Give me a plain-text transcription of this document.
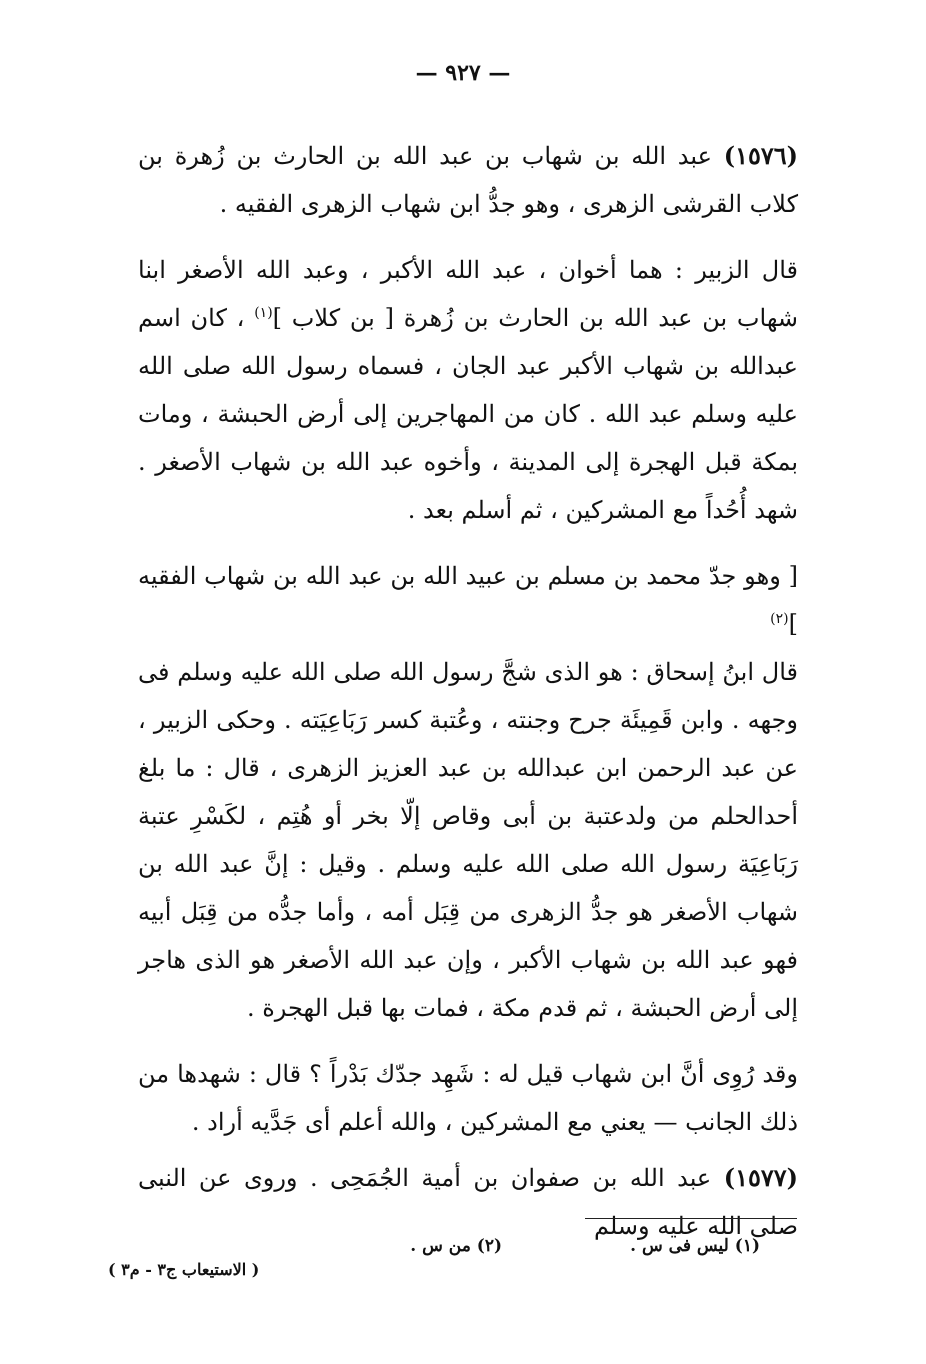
— ٩٢٧ —

(١٥٧٦) عبد الله بن شهاب بن عبد الله بن الحارث بن زُهرة بن كلاب القرشى الزهرى ، وهو جدُّ ابن شهاب الزهرى الفقيه .

قال الزبير : هما أخوان ، عبد الله الأكبر ، وعبد الله الأصغر ابنا شهاب بن عبد الله بن الحارث بن زُهرة [ بن كلاب ]$^{(١)}$ ، كان اسم عبدالله بن شهاب الأكبر عبد الجان ، فسماه رسول الله صلى الله عليه وسلم عبد الله . كان من المهاجرين إلى أرض الحبشة ، ومات بمكة قبل الهجرة إلى المدينة ، وأخوه عبد الله بن شهاب الأصغر . شهد أُحُداً مع المشركين ، ثم أسلم بعد .

[ وهو جدّ محمد بن مسلم بن عبيد الله بن عبد الله بن شهاب الفقيه ]$^{(٢)}$

قال ابنُ إسحاق : هو الذى شجَّ رسول الله صلى الله عليه وسلم فى وجهه . وابن قَمِيئَة جرح وجنته ، وعُتبة كسر رَبَاعِيَته . وحكى الزبير ، عن عبد الرحمن ابن عبدالله بن عبد العزيز الزهرى ، قال : ما بلغ أحدالحلم من ولدعتبة بن أبى وقاص إلّا بخر أو هُتِم ، لكَسْرِ عتبة رَبَاعِيَة رسول الله صلى الله عليه وسلم . وقيل : إنَّ عبد الله بن شهاب الأصغر هو جدُّ الزهرى من قِبَل أمه ، وأما جدُّه من قِبَل أبيه فهو عبد الله بن شهاب الأكبر ، وإن عبد الله الأصغر هو الذى هاجر إلى أرض الحبشة ، ثم قدم مكة ، فمات بها قبل الهجرة .

وقد رُوِى أنَّ ابن شهاب قيل له : شَهِد جدّك بَدْراً ؟ قال : شهدها من ذلك الجانب — يعني مع المشركين ، والله أعلم أى جَدَّيه أراد .

(١٥٧٧) عبد الله بن صفوان بن أمية الجُمَحِى . وروى عن النبى صلى الله عليه وسلم

(١) ليس فى س .
(٢) من س .
( الاستيعاب ج٣ - م٣ )
